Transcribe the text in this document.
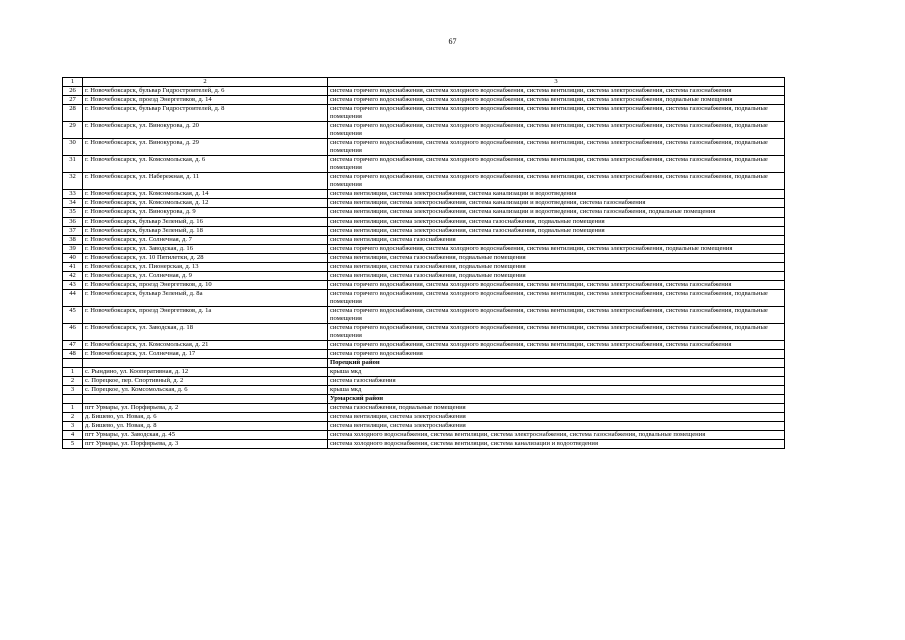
67
1	2	3
26	г. Новочебоксарск, бульвар Гидростроителей, д. 6	система горячего водоснабжения, система холодного водоснабжения, система вентиляции, система электроснабжения, система газоснабжения
27	г. Новочебоксарск, проезд Энергетиков, д. 14	система горячего водоснабжения, система холодного водоснабжения, система вентиляции, система электроснабжения, подвальные помещения
28	г. Новочебоксарск, бульвар Гидростроителей, д. 8	система горячего водоснабжения, система холодного водоснабжения, система вентиляции, система электроснабжения, система газоснабжения, подвальные помещения
29	г. Новочебоксарск, ул. Винокурова, д. 20	система горячего водоснабжения, система холодного водоснабжения, система вентиляции, система электроснабжения, система газоснабжения, подвальные помещения
30	г. Новочебоксарск, ул. Винокурова, д. 29	система горячего водоснабжения, система холодного водоснабжения, система вентиляции, система электроснабжения, система газоснабжения, подвальные помещения
31	г. Новочебоксарск, ул. Комсомольская, д. 6	система горячего водоснабжения, система холодного водоснабжения, система вентиляции, система электроснабжения, система газоснабжения, подвальные помещения
32	г. Новочебоксарск, ул. Набережная, д. 11	система горячего водоснабжения, система холодного водоснабжения, система вентиляции, система электроснабжения, система газоснабжения, подвальные помещения
33	г. Новочебоксарск, ул. Комсомольская, д. 14	система вентиляции, система электроснабжения, система канализации и водоотведения
34	г. Новочебоксарск, ул. Комсомольская, д. 12	система вентиляции, система электроснабжения, система канализации и водоотведения, система газоснабжения
35	г. Новочебоксарск, ул. Винокурова, д. 9	система вентиляции, система электроснабжения, система канализации и водоотведения, система газоснабжения, подвальные помещения
36	г. Новочебоксарск, бульвар Зеленый, д. 16	система вентиляции, система электроснабжения, система газоснабжения, подвальные помещения
37	г. Новочебоксарск, бульвар Зеленый, д. 18	система вентиляции, система электроснабжения, система газоснабжения, подвальные помещения
38	г. Новочебоксарск, ул. Солнечная, д. 7	система вентиляции, система газоснабжения
39	г. Новочебоксарск, ул. Заводская, д. 16	система горячего водоснабжения, система холодного водоснабжения, система вентиляции, система электроснабжения, подвальные помещения
40	г. Новочебоксарск, ул. 10 Пятилетки, д. 28	система вентиляции, система газоснабжения, подвальные помещения
41	г. Новочебоксарск, ул. Пионерская, д. 13	система вентиляции, система газоснабжения, подвальные помещения
42	г. Новочебоксарск, ул. Солнечная, д. 9	система вентиляции, система газоснабжения, подвальные помещения
43	г. Новочебоксарск, проезд Энергетиков, д. 10	система горячего водоснабжения, система холодного водоснабжения, система вентиляции, система электроснабжения, система газоснабжения
44	г. Новочебоксарск, бульвар Зеленый, д. 8а	система горячего водоснабжения, система холодного водоснабжения, система вентиляции, система электроснабжения, система газоснабжения, подвальные помещения
45	г. Новочебоксарск, проезд Энергетиков, д. 1а	система горячего водоснабжения, система холодного водоснабжения, система вентиляции, система электроснабжения, система газоснабжения, подвальные помещения
46	г. Новочебоксарск, ул. Заводская, д. 18	система горячего водоснабжения, система холодного водоснабжения, система вентиляции, система электроснабжения, система газоснабжения, подвальные помещения
47	г. Новочебоксарск, ул. Комсомольская, д. 21	система горячего водоснабжения, система холодного водоснабжения, система вентиляции, система электроснабжения, система газоснабжения
48	г. Новочебоксарск, ул. Солнечная, д. 17	система горячего водоснабжения
		Порецкий район
1	с. Рындино, ул. Кооперативная, д. 12	крыша мкд
2	с. Порецкое, пер. Спортивный, д. 2	система газоснабжения
3	с. Порецкое, ул. Комсомольская, д. 6	крыша мкд
		Урмарский район
1	пгт Урмары, ул. Порфирьева, д. 2	система газоснабжения, подвальные помещения
2	д. Бишево, ул. Новая, д. 6	система вентиляции, система электроснабжения
3	д. Бишево, ул. Новая, д. 8	система вентиляции, система электроснабжения
4	пгт Урмары, ул. Заводская, д. 45	система холодного водоснабжения, система вентиляции, система электроснабжения, система газоснабжения, подвальные помещения
5	пгт Урмары, ул. Порфирьева, д. 3	система холодного водоснабжения, система вентиляции, система канализации и водоотведения
